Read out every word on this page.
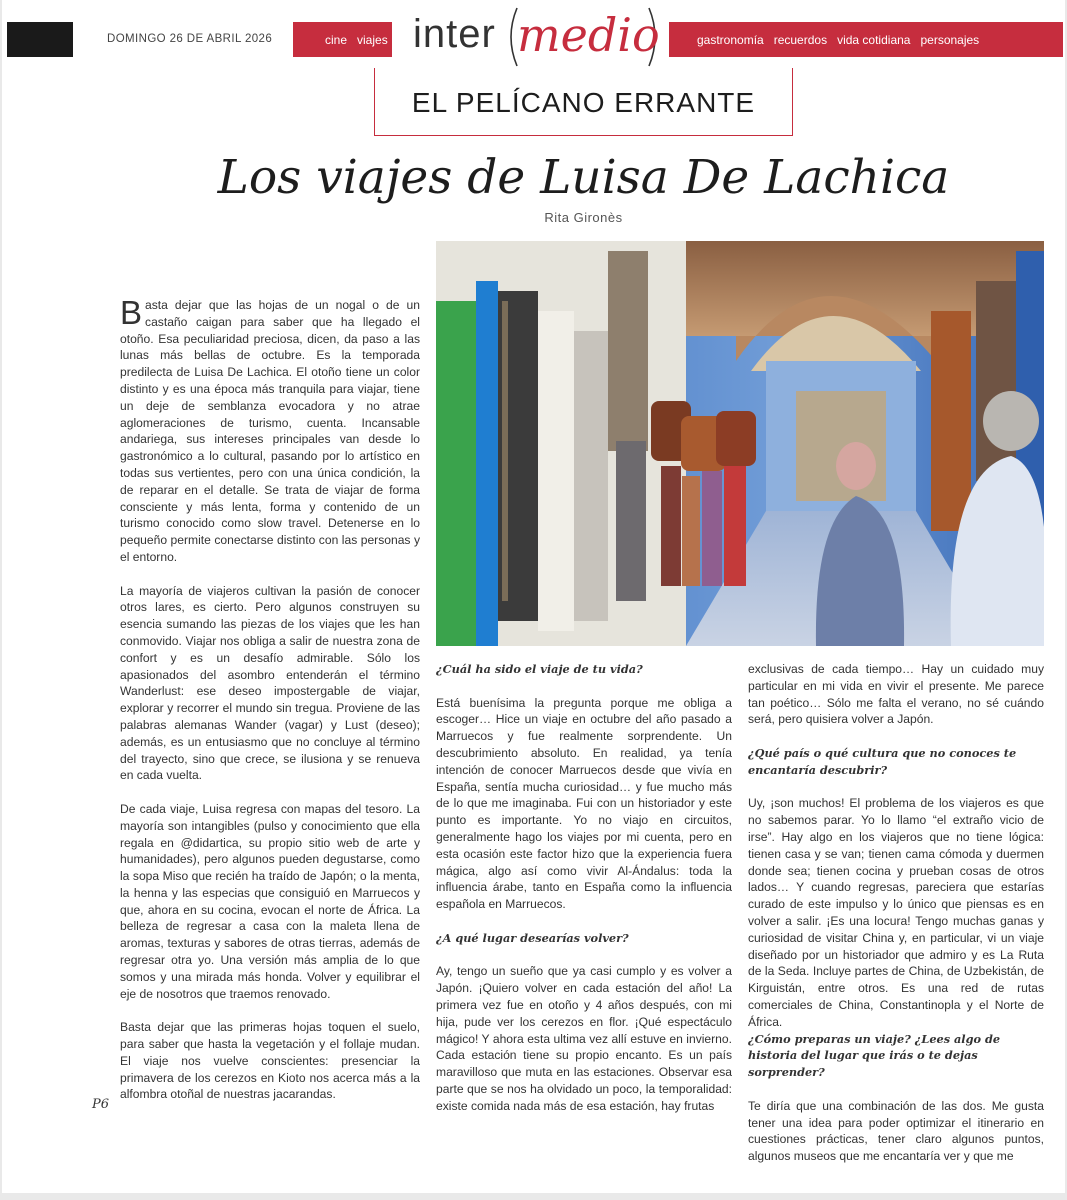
DOMINGO 26 DE ABRIL 2026	cine viajes inter medio	gastronomía recuerdos vida cotidiana personajes
EL PELÍCANO ERRANTE
Los viajes de Luisa De Lachica
Rita Gironès

Basta dejar que las hojas de un nogal o de un castaño caigan para saber que ha llegado el otoño. Esa peculiaridad preciosa, dicen, da paso a las lunas más bellas de octubre. Es la temporada predilecta de Luisa De Lachica. El otoño tiene un color distinto y es una época más tranquila para viajar, tiene un deje de semblanza evocadora y no atrae aglomeraciones de turismo, cuenta. Incansable andariega, sus intereses principales van desde lo gastronómico a lo cultural, pasando por lo artístico en todas sus vertientes, pero con una única condición, la de reparar en el detalle. Se trata de viajar de forma consciente y más lenta, forma y contenido de un turismo conocido como slow travel. Detenerse en lo pequeño permite conectarse distinto con las personas y el entorno.

La mayoría de viajeros cultivan la pasión de conocer otros lares, es cierto. Pero algunos construyen su esencia sumando las piezas de los viajes que les han conmovido. Viajar nos obliga a salir de nuestra zona de confort y es un desafío admirable. Sólo los apasionados del asombro entenderán el término Wanderlust: ese deseo impostergable de viajar, explorar y recorrer el mundo sin tregua. Proviene de las palabras alemanas Wander (vagar) y Lust (deseo); además, es un entusiasmo que no concluye al término del trayecto, sino que crece, se ilusiona y se renueva en cada vuelta.

De cada viaje, Luisa regresa con mapas del tesoro. La mayoría son intangibles (pulso y conocimiento que ella regala en @didartica, su propio sitio web de arte y humanidades), pero algunos pueden degustarse, como la sopa Miso que recién ha traído de Japón; o la menta, la henna y las especias que consiguió en Marruecos y que, ahora en su cocina, evocan el norte de África. La belleza de regresar a casa con la maleta llena de aromas, texturas y sabores de otras tierras, además de regresar otra yo. Una versión más amplia de lo que somos y una mirada más honda. Volver y equilibrar el eje de nosotros que traemos renovado.

Basta dejar que las primeras hojas toquen el suelo, para saber que hasta la vegetación y el follaje mudan. El viaje nos vuelve conscientes: presenciar la primavera de los cerezos en Kioto nos acerca más a la alfombra otoñal de nuestras jacarandas.

¿Cuál ha sido el viaje de tu vida?

Está buenísima la pregunta porque me obliga a escoger… Hice un viaje en octubre del año pasado a Marruecos y fue realmente sorprendente. Un descubrimiento absoluto. En realidad, ya tenía intención de conocer Marruecos desde que vivía en España, sentía mucha curiosidad… y fue mucho más de lo que me imaginaba. Fui con un historiador y este punto es importante. Yo no viajo en circuitos, generalmente hago los viajes por mi cuenta, pero en esta ocasión este factor hizo que la experiencia fuera mágica, algo así como vivir Al-Ándalus: toda la influencia árabe, tanto en España como la influencia española en Marruecos.

¿A qué lugar desearías volver?

Ay, tengo un sueño que ya casi cumplo y es volver a Japón. ¡Quiero volver en cada estación del año! La primera vez fue en otoño y 4 años después, con mi hija, pude ver los cerezos en flor. ¡Qué espectáculo mágico! Y ahora esta ultima vez allí estuve en invierno. Cada estación tiene su propio encanto. Es un país maravilloso que muta en las estaciones. Observar esa parte que se nos ha olvidado un poco, la temporalidad: existe comida nada más de esa estación, hay frutas

exclusivas de cada tiempo… Hay un cuidado muy particular en mi vida en vivir el presente. Me parece tan poético… Sólo me falta el verano, no sé cuándo será, pero quisiera volver a Japón.

¿Qué país o qué cultura que no conoces te encantaría descubrir?

Uy, ¡son muchos! El problema de los viajeros es que no sabemos parar. Yo lo llamo “el extraño vicio de irse”. Hay algo en los viajeros que no tiene lógica: tienen casa y se van; tienen cama cómoda y duermen donde sea; tienen cocina y prueban cosas de otros lados… Y cuando regresas, pareciera que estarías curado de este impulso y lo único que piensas es en volver a salir. ¡Es una locura! Tengo muchas ganas y curiosidad de visitar China y, en particular, vi un viaje diseñado por un historiador que admiro y es La Ruta de la Seda. Incluye partes de China, de Uzbekistán, de Kirguistán, entre otros. Es una red de rutas comerciales de China, Constantinopla y el Norte de África.

¿Cómo preparas un viaje? ¿Lees algo de historia del lugar que irás o te dejas sorprender?

Te diría que una combinación de las dos. Me gusta tener una idea para poder optimizar el itinerario en cuestiones prácticas, tener claro algunos puntos, algunos museos que me encantaría ver y que me

P6
